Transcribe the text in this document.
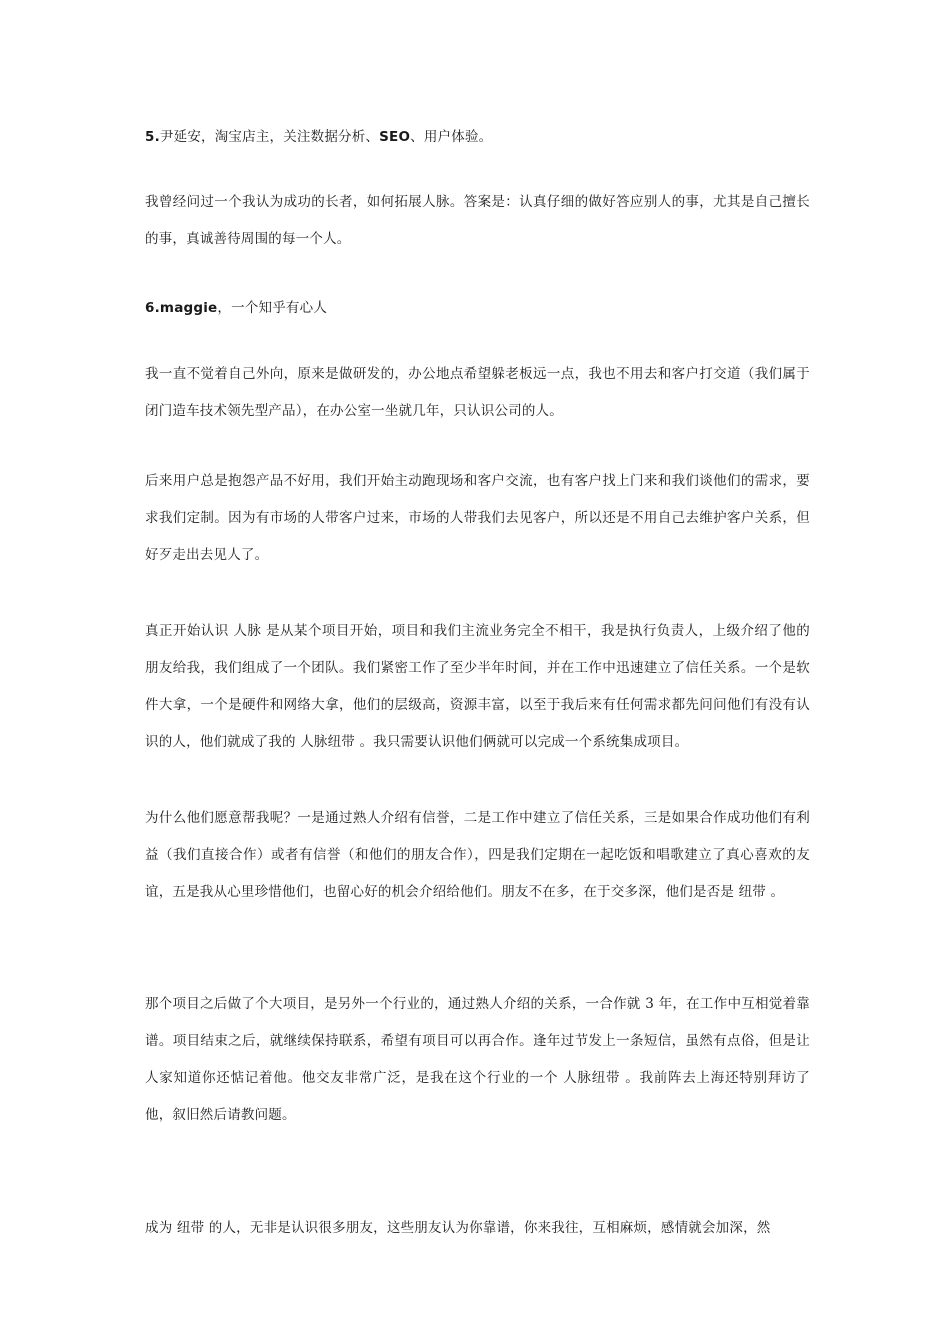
5.尹延安，淘宝店主，关注数据分析、SEO、用户体验。

我曾经问过一个我认为成功的长者，如何拓展人脉。答案是：认真仔细的做好答应别人的事，尤其是自己擅长的事，真诚善待周围的每一个人。

6.maggie，一个知乎有心人

我一直不觉着自己外向，原来是做研发的，办公地点希望躲老板远一点，我也不用去和客户打交道（我们属于闭门造车技术领先型产品），在办公室一坐就几年，只认识公司的人。

后来用户总是抱怨产品不好用，我们开始主动跑现场和客户交流，也有客户找上门来和我们谈他们的需求，要求我们定制。因为有市场的人带客户过来，市场的人带我们去见客户，所以还是不用自己去维护客户关系，但好歹走出去见人了。

真正开始认识 人脉 是从某个项目开始，项目和我们主流业务完全不相干，我是执行负责人，上级介绍了他的朋友给我，我们组成了一个团队。我们紧密工作了至少半年时间，并在工作中迅速建立了信任关系。一个是软件大拿，一个是硬件和网络大拿，他们的层级高，资源丰富，以至于我后来有任何需求都先问问他们有没有认识的人，他们就成了我的 人脉纽带 。我只需要认识他们俩就可以完成一个系统集成项目。

为什么他们愿意帮我呢？一是通过熟人介绍有信誉，二是工作中建立了信任关系，三是如果合作成功他们有利益（我们直接合作）或者有信誉（和他们的朋友合作），四是我们定期在一起吃饭和唱歌建立了真心喜欢的友谊，五是我从心里珍惜他们，也留心好的机会介绍给他们。朋友不在多，在于交多深，他们是否是 纽带 。

那个项目之后做了个大项目，是另外一个行业的，通过熟人介绍的关系，一合作就 3 年，在工作中互相觉着靠谱。项目结束之后，就继续保持联系，希望有项目可以再合作。逢年过节发上一条短信，虽然有点俗，但是让人家知道你还惦记着他。他交友非常广泛，是我在这个行业的一个 人脉纽带 。我前阵去上海还特别拜访了他，叙旧然后请教问题。

成为 纽带 的人，无非是认识很多朋友，这些朋友认为你靠谱，你来我往，互相麻烦，感情就会加深，然
